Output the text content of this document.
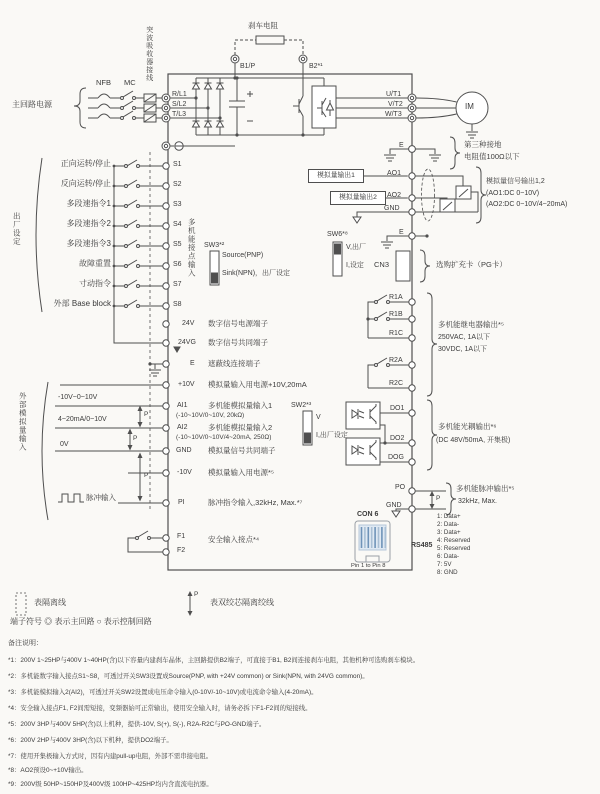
主回路电源
NFB MC
突波吸收器接线
R/L1
S/L2
T/L3
刹车电阻
B1/P	B2*¹
U/T1
V/T2
W/T3
IM
E	第三种接地
电阻值100Ω以下
出厂设定	多机能接点输入
正向运转/停止
反向运转/停止
多段速指令1
多段速指令2
多段速指令3
故障重置
寸动指令
外部 Base block
S1
S2
S3
S4
S5
S6
S7
S8
SW3*²
Source(PNP)
Sink(NPN)，出厂设定
24V 数字信号电源端子
24VG 数字信号共同端子
E 遮蔽线连接端子
外部模拟量输入	-10V~0~10V
4~20mA/0~10V
0V
脉冲输入
P
P
P
+10V 模拟量输入用电源+10V,20mA
AI1	多机能模拟量输入1
(-10~10V/0~10V, 20kΩ)
AI2	多机能模拟量输入2
(-10~10V/0~10V/4~20mA, 250Ω)
SW2*³
V
I,出厂设定
GND 模拟量信号共同端子
-10V 模拟量输入用电源*⁵
PI	脉冲指令输入,32kHz, Max.*⁷
F1
F2
安全输入接点*⁴
模拟量输出1
模拟量输出2
AO1
AO2
GND
模拟量信号输出1,2
(AO1:DC 0~10V)
(AO2:DC 0~10V/4~20mA)
E
SW6*⁸
V,出厂
I,设定 CN3	选购扩充卡（PG卡）
R1A
R1B
R1C
R2A
R2C
多机能继电器输出*⁵
250VAC, 1A以下
30VDC, 1A以下
DO1
DO2
DOG
多机能光耦输出*⁶
(DC 48V/50mA, 开集极)
PO
GND
P
多机能脉冲输出*⁵
32kHz, Max.
CON 6
Pin 1 to Pin 8
RS485
1: Data+
2: Data-
3: Data+
4: Reserved
5: Reserved
6: Data-
7: 5V
8: GND
表隔离线
P
表双绞芯隔离绞线
端子符号 ◎ 表示主回路 ○ 表示控制回路
备注说明：
*1：200V 1~25HP与400V 1~40HP(含)以下容量内建刹车晶体，主回路提供B2端子，可直接于B1, B2间连接刹车电阻，其他机种可选购刹车模块。
*2：多机能数字输入接点S1~S8，可透过开关SW3设置成Source(PNP, with +24V common) or Sink(NPN, with 24VG common)。
*3：多机能模拟输入2(AI2)，可透过开关SW2设置成电压命令输入(0-10V/-10~10V)或电流命令输入(4-20mA)。
*4：安全输入接点F1, F2间需短接，变频器始可正常输出，使用安全输入时，请务必拆下F1-F2间的短接线。
*5：200V 3HP与400V 5HP(含)以上机种，提供-10V, S(+), S(-), R2A-R2C与PO-GND端子。
*6：200V 2HP与400V 3HP(含)以下机种，提供DO2端子。
*7：使用开集极输入方式时，因有内建pull-up电阻，外部不需串接电阻。
*8：AO2预设0~+10V输出。
*9：200V级 50HP~150HP及400V级 100HP~425HP均内含直流电抗器。
